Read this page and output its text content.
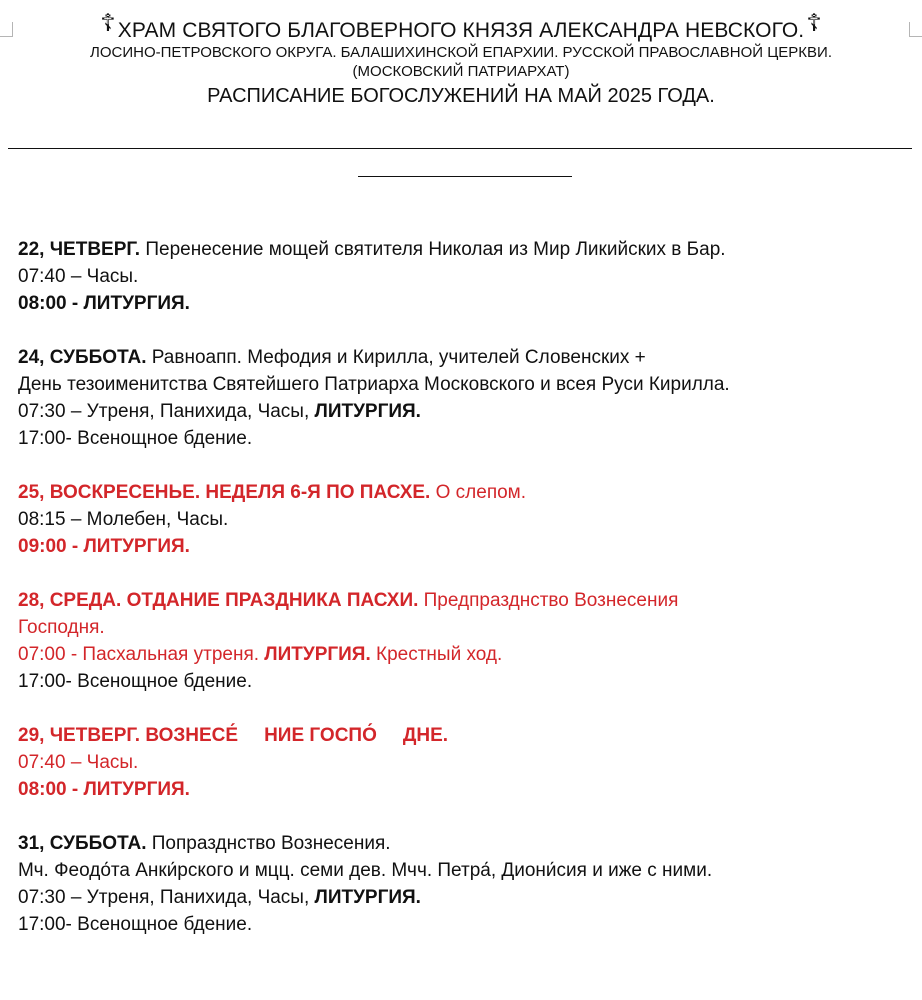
☦ХРАМ СВЯТОГО БЛАГОВЕРНОГО КНЯЗЯ АЛЕКСАНДРА НЕВСКОГО.☦
ЛОСИНО-ПЕТРОВСКОГО ОКРУГА. БАЛАШИХИНСКОЙ ЕПАРХИИ. РУССКОЙ ПРАВОСЛАВНОЙ ЦЕРКВИ.
(МОСКОВСКИЙ ПАТРИАРХАТ)
РАСПИСАНИЕ БОГОСЛУЖЕНИЙ НА МАЙ 2025 ГОДА.
22, ЧЕТВЕРГ. Перенесение мощей святителя Николая из Мир Ликийских в Бар.
07:40 – Часы.
08:00 - ЛИТУРГИЯ.
24, СУББОТА. Равноапп. Мефодия и Кирилла, учителей Словенских +
День тезоименитства Святейшего Патриарха Московского и всея Руси Кирилла.
07:30 – Утреня, Панихида, Часы, ЛИТУРГИЯ.
17:00- Всенощное бдение.
25, ВОСКРЕСЕНЬЕ. НЕДЕЛЯ 6-Я ПО ПАСХЕ. О слепом.
08:15 – Молебен, Часы.
09:00 - ЛИТУРГИЯ.
28, СРЕДА. ОТДАНИЕ ПРАЗДНИКА ПАСХИ. Предпразднство Вознесения
Господня.
07:00 - Пасхальная утреня. ЛИТУРГИЯ. Крестный ход.
17:00- Всенощное бдение.
29, ЧЕТВЕРГ. ВОЗНЕСЕ́ НИЕ ГОСПО́ ДНЕ.
07:40 – Часы.
08:00 - ЛИТУРГИЯ.
31, СУББОТА. Попразднство Вознесения.
Мч. Феодо́та Анки́рского и мцц. семи дев. Мчч. Петра́, Диони́сия и иже с ними.
07:30 – Утреня, Панихида, Часы, ЛИТУРГИЯ.
17:00- Всенощное бдение.
